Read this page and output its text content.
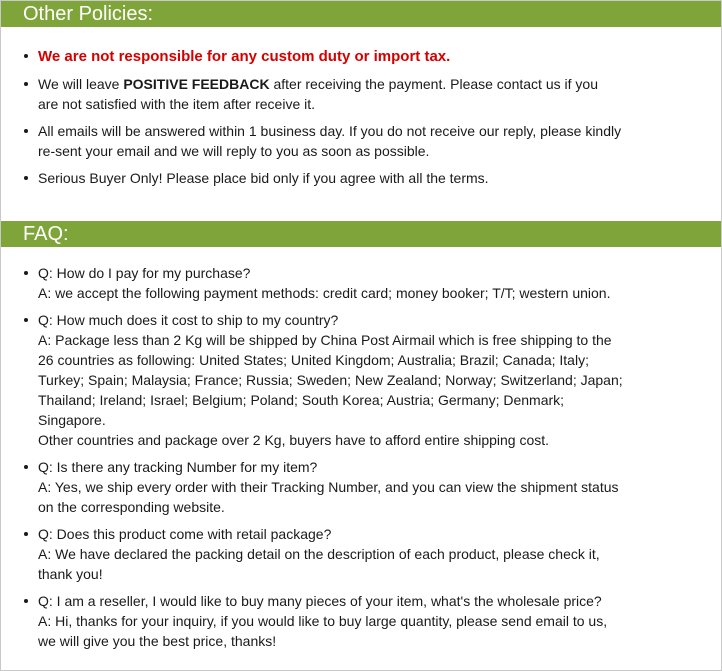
Other Policies:
We are not responsible for any custom duty or import tax.
We will leave POSITIVE FEEDBACK after receiving the payment. Please contact us if you
are not satisfied with the item after receive it.
All emails will be answered within 1 business day. If you do not receive our reply, please kindly
re-sent your email and we will reply to you as soon as possible.
Serious Buyer Only! Please place bid only if you agree with all the terms.
FAQ:
Q: How do I pay for my purchase?
A: we accept the following payment methods: credit card; money booker; T/T; western union.
Q: How much does it cost to ship to my country?
A: Package less than 2 Kg will be shipped by China Post Airmail which is free shipping to the
26 countries as following: United States; United Kingdom; Australia; Brazil; Canada; Italy;
Turkey; Spain; Malaysia; France; Russia; Sweden; New Zealand; Norway; Switzerland; Japan;
Thailand; Ireland; Israel; Belgium; Poland; South Korea; Austria; Germany; Denmark;
Singapore.
Other countries and package over 2 Kg, buyers have to afford entire shipping cost.
Q: Is there any tracking Number for my item?
A: Yes, we ship every order with their Tracking Number, and you can view the shipment status
on the corresponding website.
Q: Does this product come with retail package?
A: We have declared the packing detail on the description of each product, please check it,
thank you!
Q: I am a reseller, I would like to buy many pieces of your item, what's the wholesale price?
A: Hi, thanks for your inquiry, if you would like to buy large quantity, please send email to us,
we will give you the best price, thanks!
